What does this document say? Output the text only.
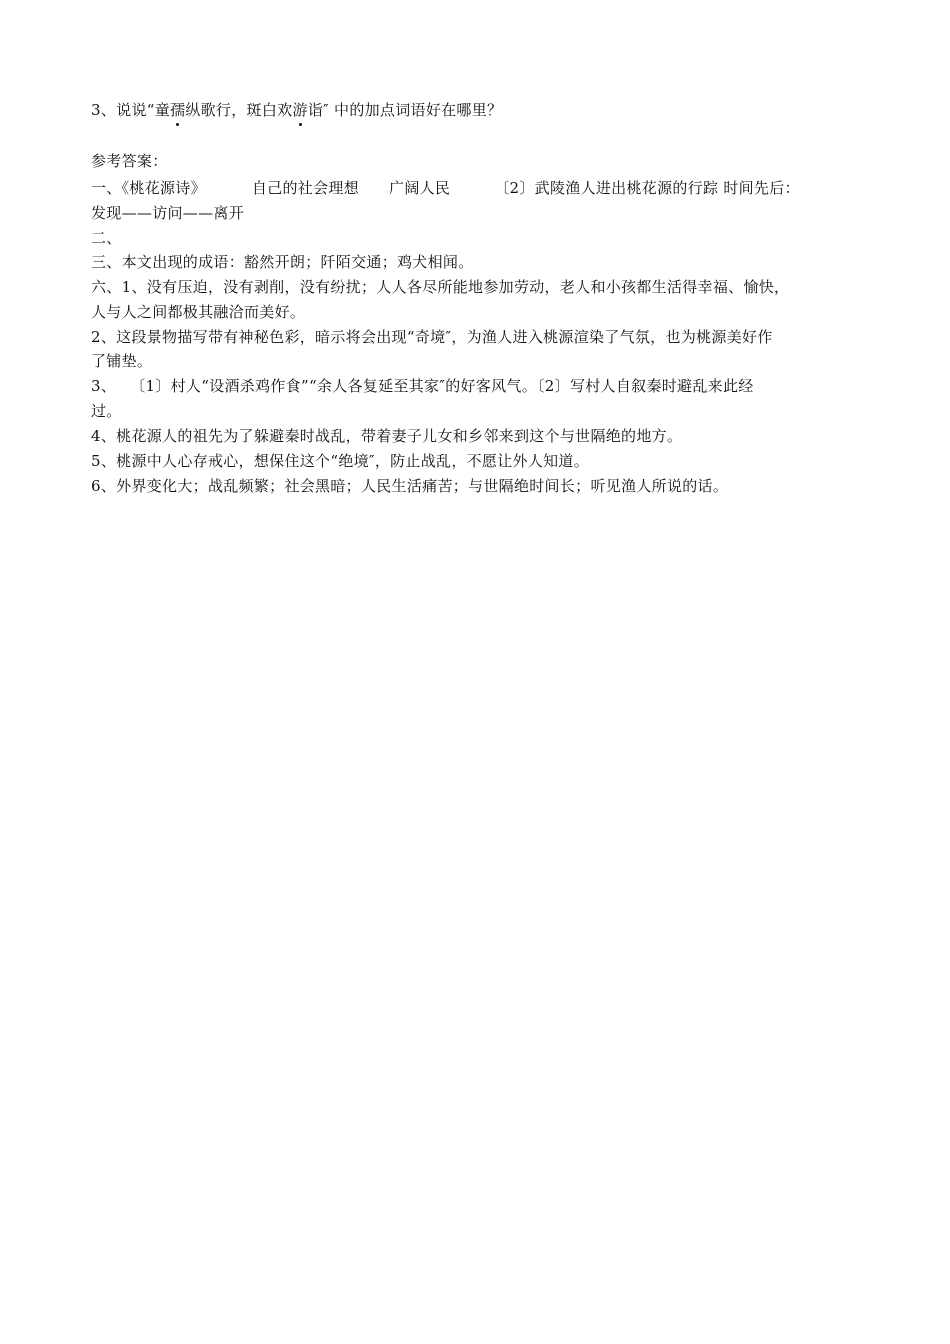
3、说说“童孺纵歌行，斑白欢游诣″ 中的加点词语好在哪里？
参考答案：
一、《桃花源诗》	自己的社会理想 广阔人民	〔2〕武陵渔人进出桃花源的行踪 时间先后：
发现——访问——离开
二、
三、本文出现的成语：豁然开朗；阡陌交通；鸡犬相闻。
六、1、没有压迫，没有剥削，没有纷扰；人人各尽所能地参加劳动，老人和小孩都生活得幸福、愉快，
人与人之间都极其融洽而美好。
2、这段景物描写带有神秘色彩，暗示将会出现“奇境″，为渔人进入桃源渲染了气氛，也为桃源美好作
了铺垫。
3、 〔1〕村人“设酒杀鸡作食”“余人各复延至其家″的好客风气。〔2〕写村人自叙秦时避乱来此经
过。
4、桃花源人的祖先为了躲避秦时战乱，带着妻子儿女和乡邻来到这个与世隔绝的地方。
5、桃源中人心存戒心，想保住这个“绝境″，防止战乱，不愿让外人知道。
6、外界变化大；战乱频繁；社会黑暗；人民生活痛苦；与世隔绝时间长；听见渔人所说的话。
